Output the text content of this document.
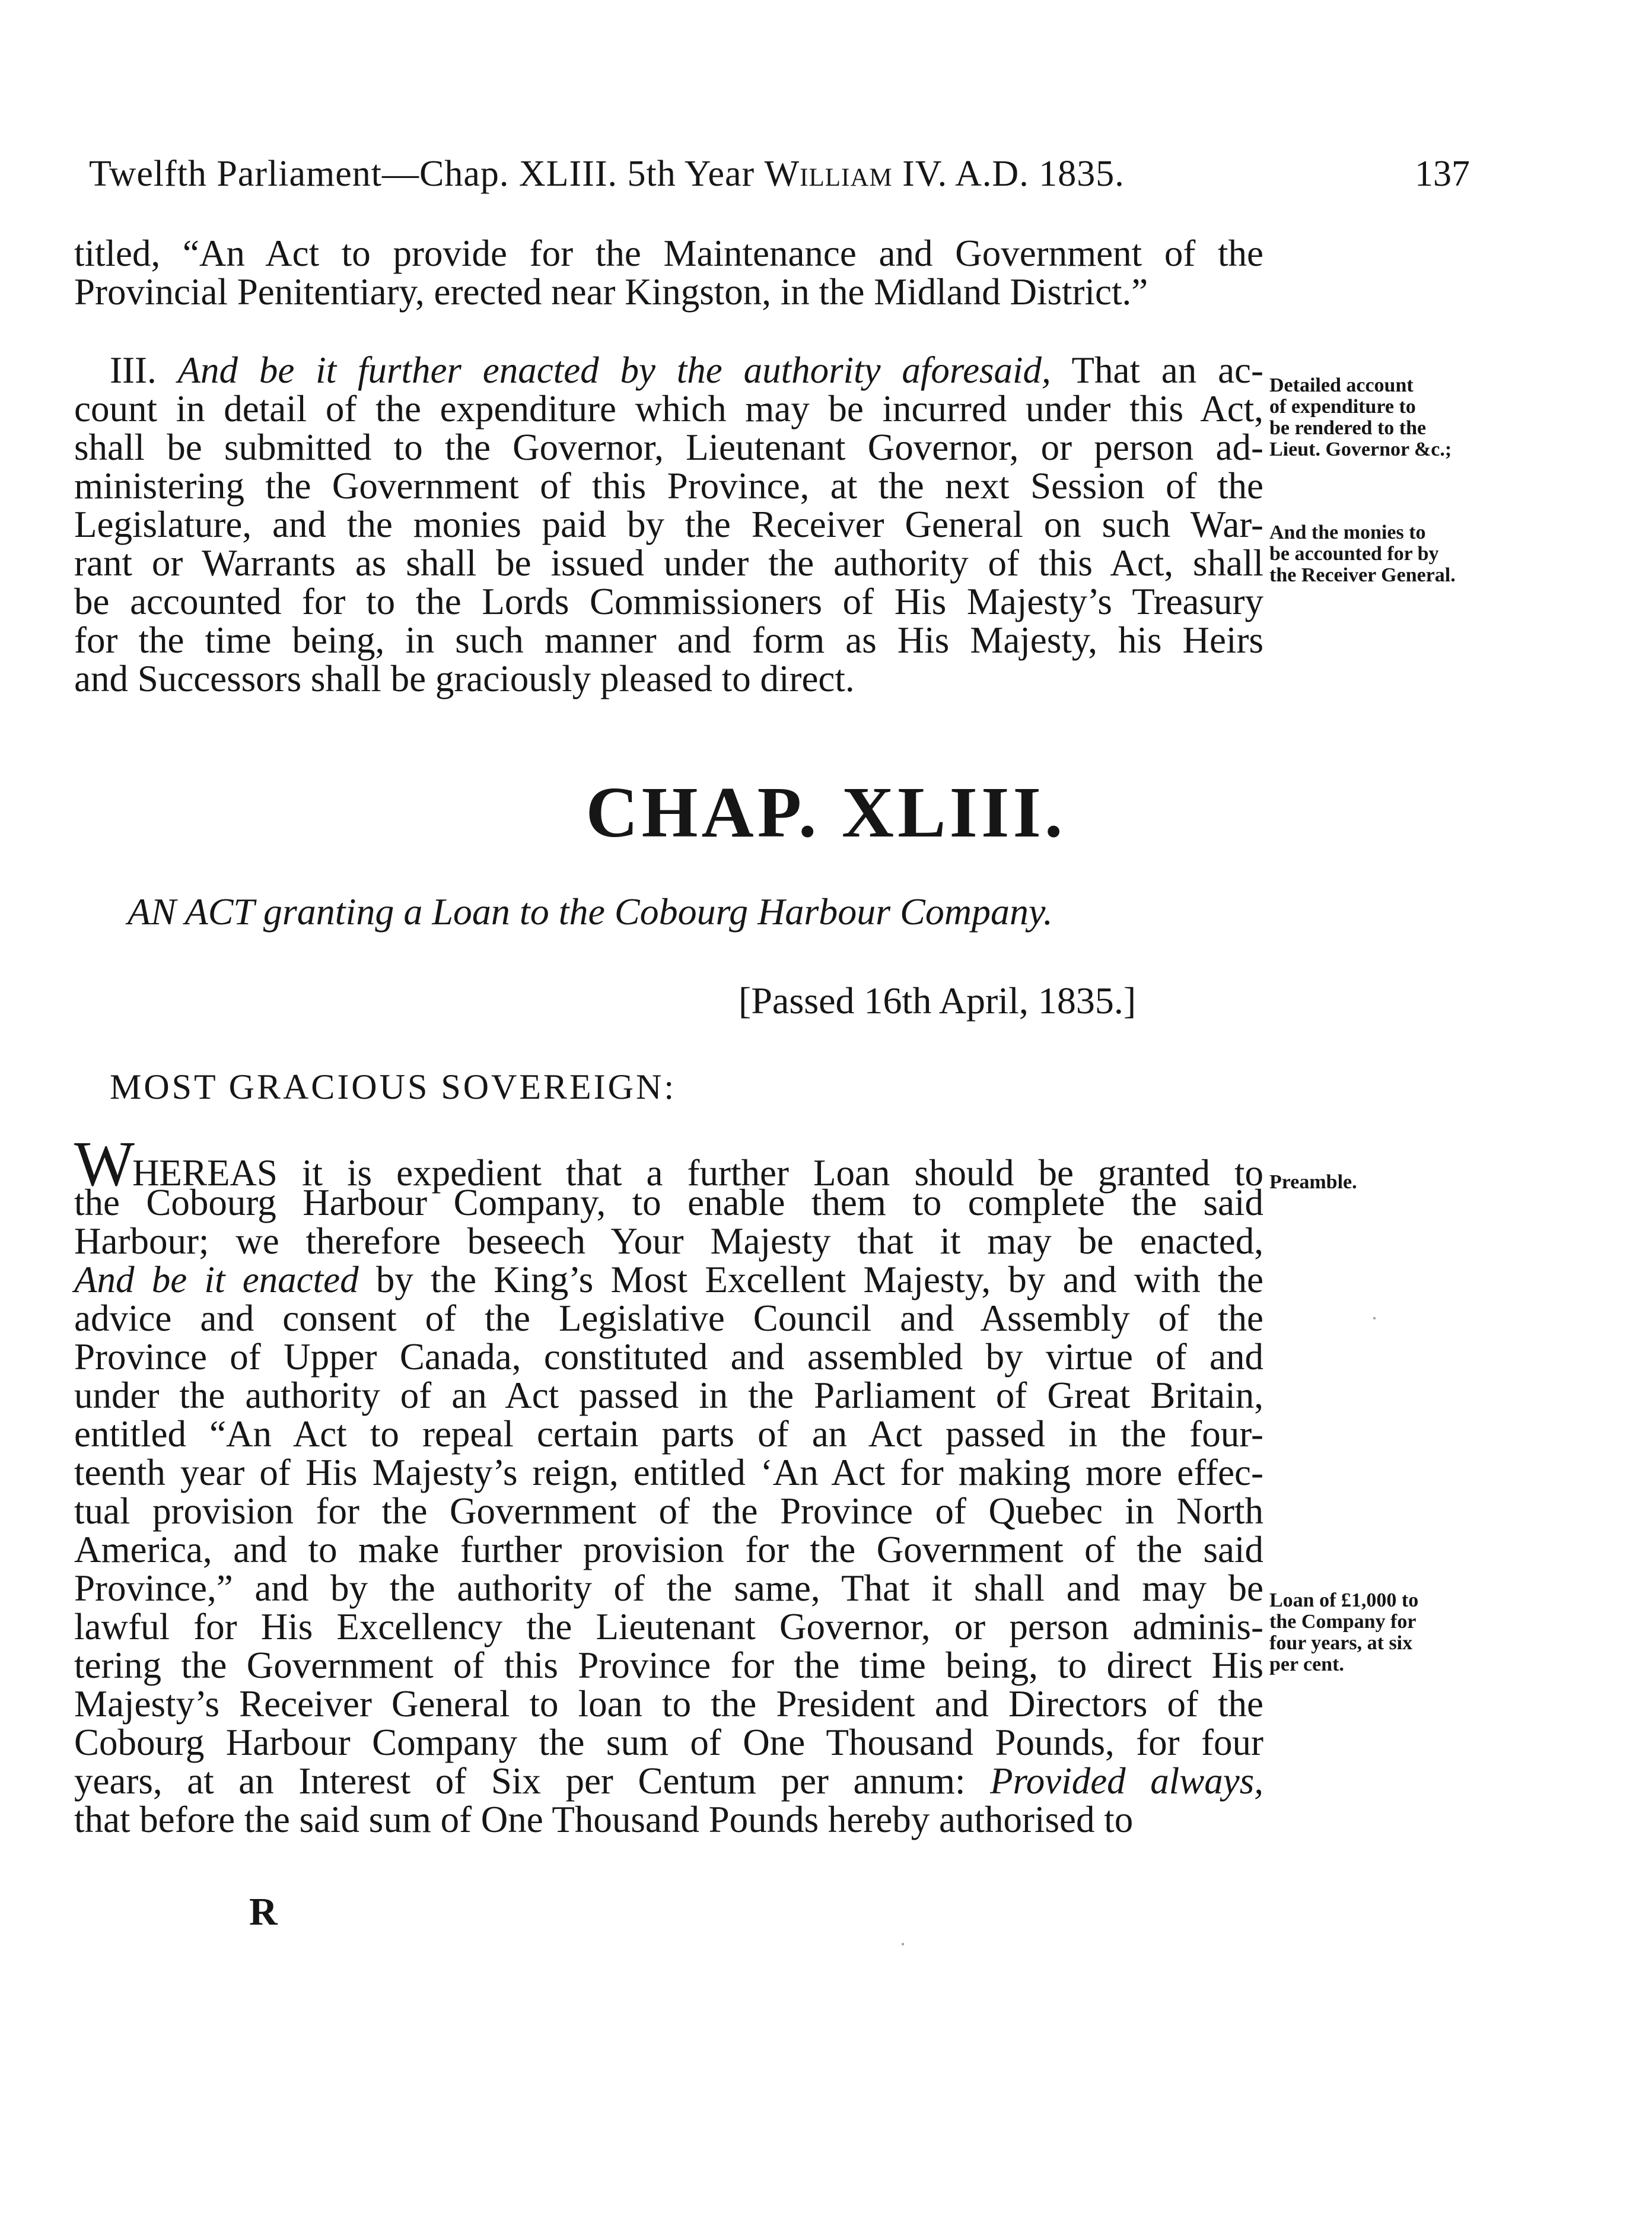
Twelfth Parliament—Chap. XLIII. 5th Year William IV. A.D. 1835.	137
titled, “An Act to provide for the Maintenance and Government of the
Provincial Penitentiary, erected near Kingston, in the Midland District.”
III. And be it further enacted by the authority aforesaid, That an ac-
count in detail of the expenditure which may be incurred under this Act,
shall be submitted to the Governor, Lieutenant Governor, or person ad-
ministering the Government of this Province, at the next Session of the
Legislature, and the monies paid by the Receiver General on such War-
rant or Warrants as shall be issued under the authority of this Act, shall
be accounted for to the Lords Commissioners of His Majesty’s Treasury
for the time being, in such manner and form as His Majesty, his Heirs
and Successors shall be graciously pleased to direct.
Detailed account
of expenditure to
be rendered to the
Lieut. Governor &c.;
And the monies to
be accounted for by
the Receiver General.
CHAP. XLIII.
AN ACT granting a Loan to the Cobourg Harbour Company.
[Passed 16th April, 1835.]
MOST GRACIOUS SOVEREIGN:
WHEREAS it is expedient that a further Loan should be granted to
the Cobourg Harbour Company, to enable them to complete the said
Harbour; we therefore beseech Your Majesty that it may be enacted,
And be it enacted by the King’s Most Excellent Majesty, by and with the
advice and consent of the Legislative Council and Assembly of the
Province of Upper Canada, constituted and assembled by virtue of and
under the authority of an Act passed in the Parliament of Great Britain,
entitled “An Act to repeal certain parts of an Act passed in the four-
teenth year of His Majesty’s reign, entitled ‘An Act for making more effec-
tual provision for the Government of the Province of Quebec in North
America, and to make further provision for the Government of the said
Province,” and by the authority of the same, That it shall and may be
lawful for His Excellency the Lieutenant Governor, or person adminis-
tering the Government of this Province for the time being, to direct His
Majesty’s Receiver General to loan to the President and Directors of the
Cobourg Harbour Company the sum of One Thousand Pounds, for four
years, at an Interest of Six per Centum per annum: Provided always,
that before the said sum of One Thousand Pounds hereby authorised to
Preamble.
Loan of £1,000 to
the Company for
four years, at six
per cent.
R
